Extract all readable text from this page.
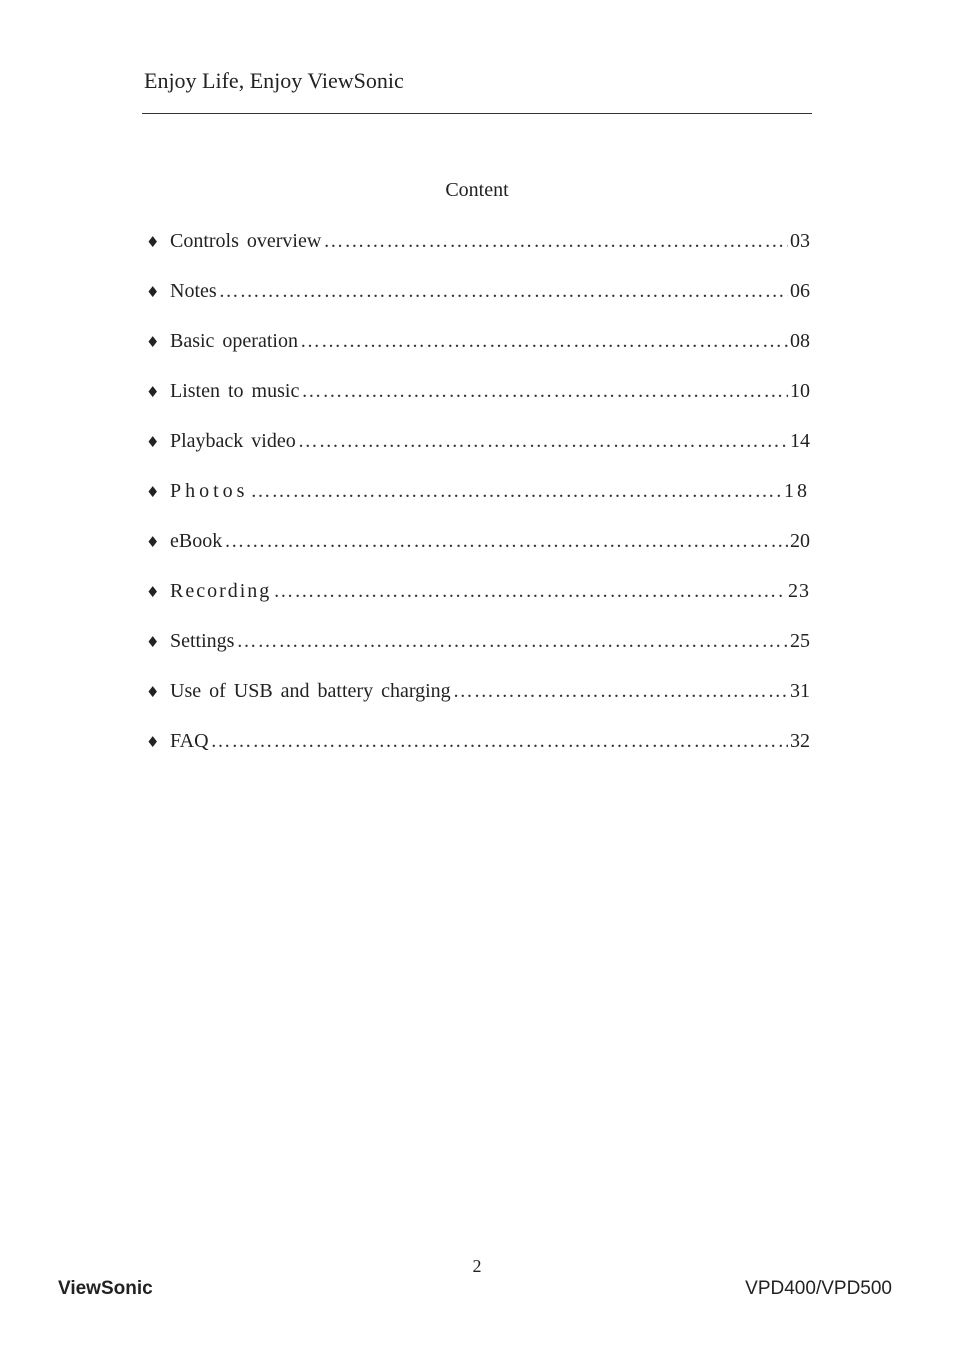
Enjoy Life, Enjoy ViewSonic
Content
♦ Controls overview ……………………………………………………………………………………………………………………	03
♦ Notes ……………………………………………………………………………………………………………………	06
♦ Basic operation ……………………………………………………………………………………………………………………	08
♦ Listen to music ……………………………………………………………………………………………………………………	10
♦ Playback video ……………………………………………………………………………………………………………………	14
♦ Photos ……………………………………………………………………………………………………………………	18
♦ eBook ……………………………………………………………………………………………………………………	20
♦ Recording ……………………………………………………………………………………………………………………	23
♦ Settings ……………………………………………………………………………………………………………………	25
♦ Use of USB and battery charging ……………………………………………………………………………………………………………………	31
♦ FAQ ……………………………………………………………………………………………………………………	32
2
ViewSonic	VPD400/VPD500
